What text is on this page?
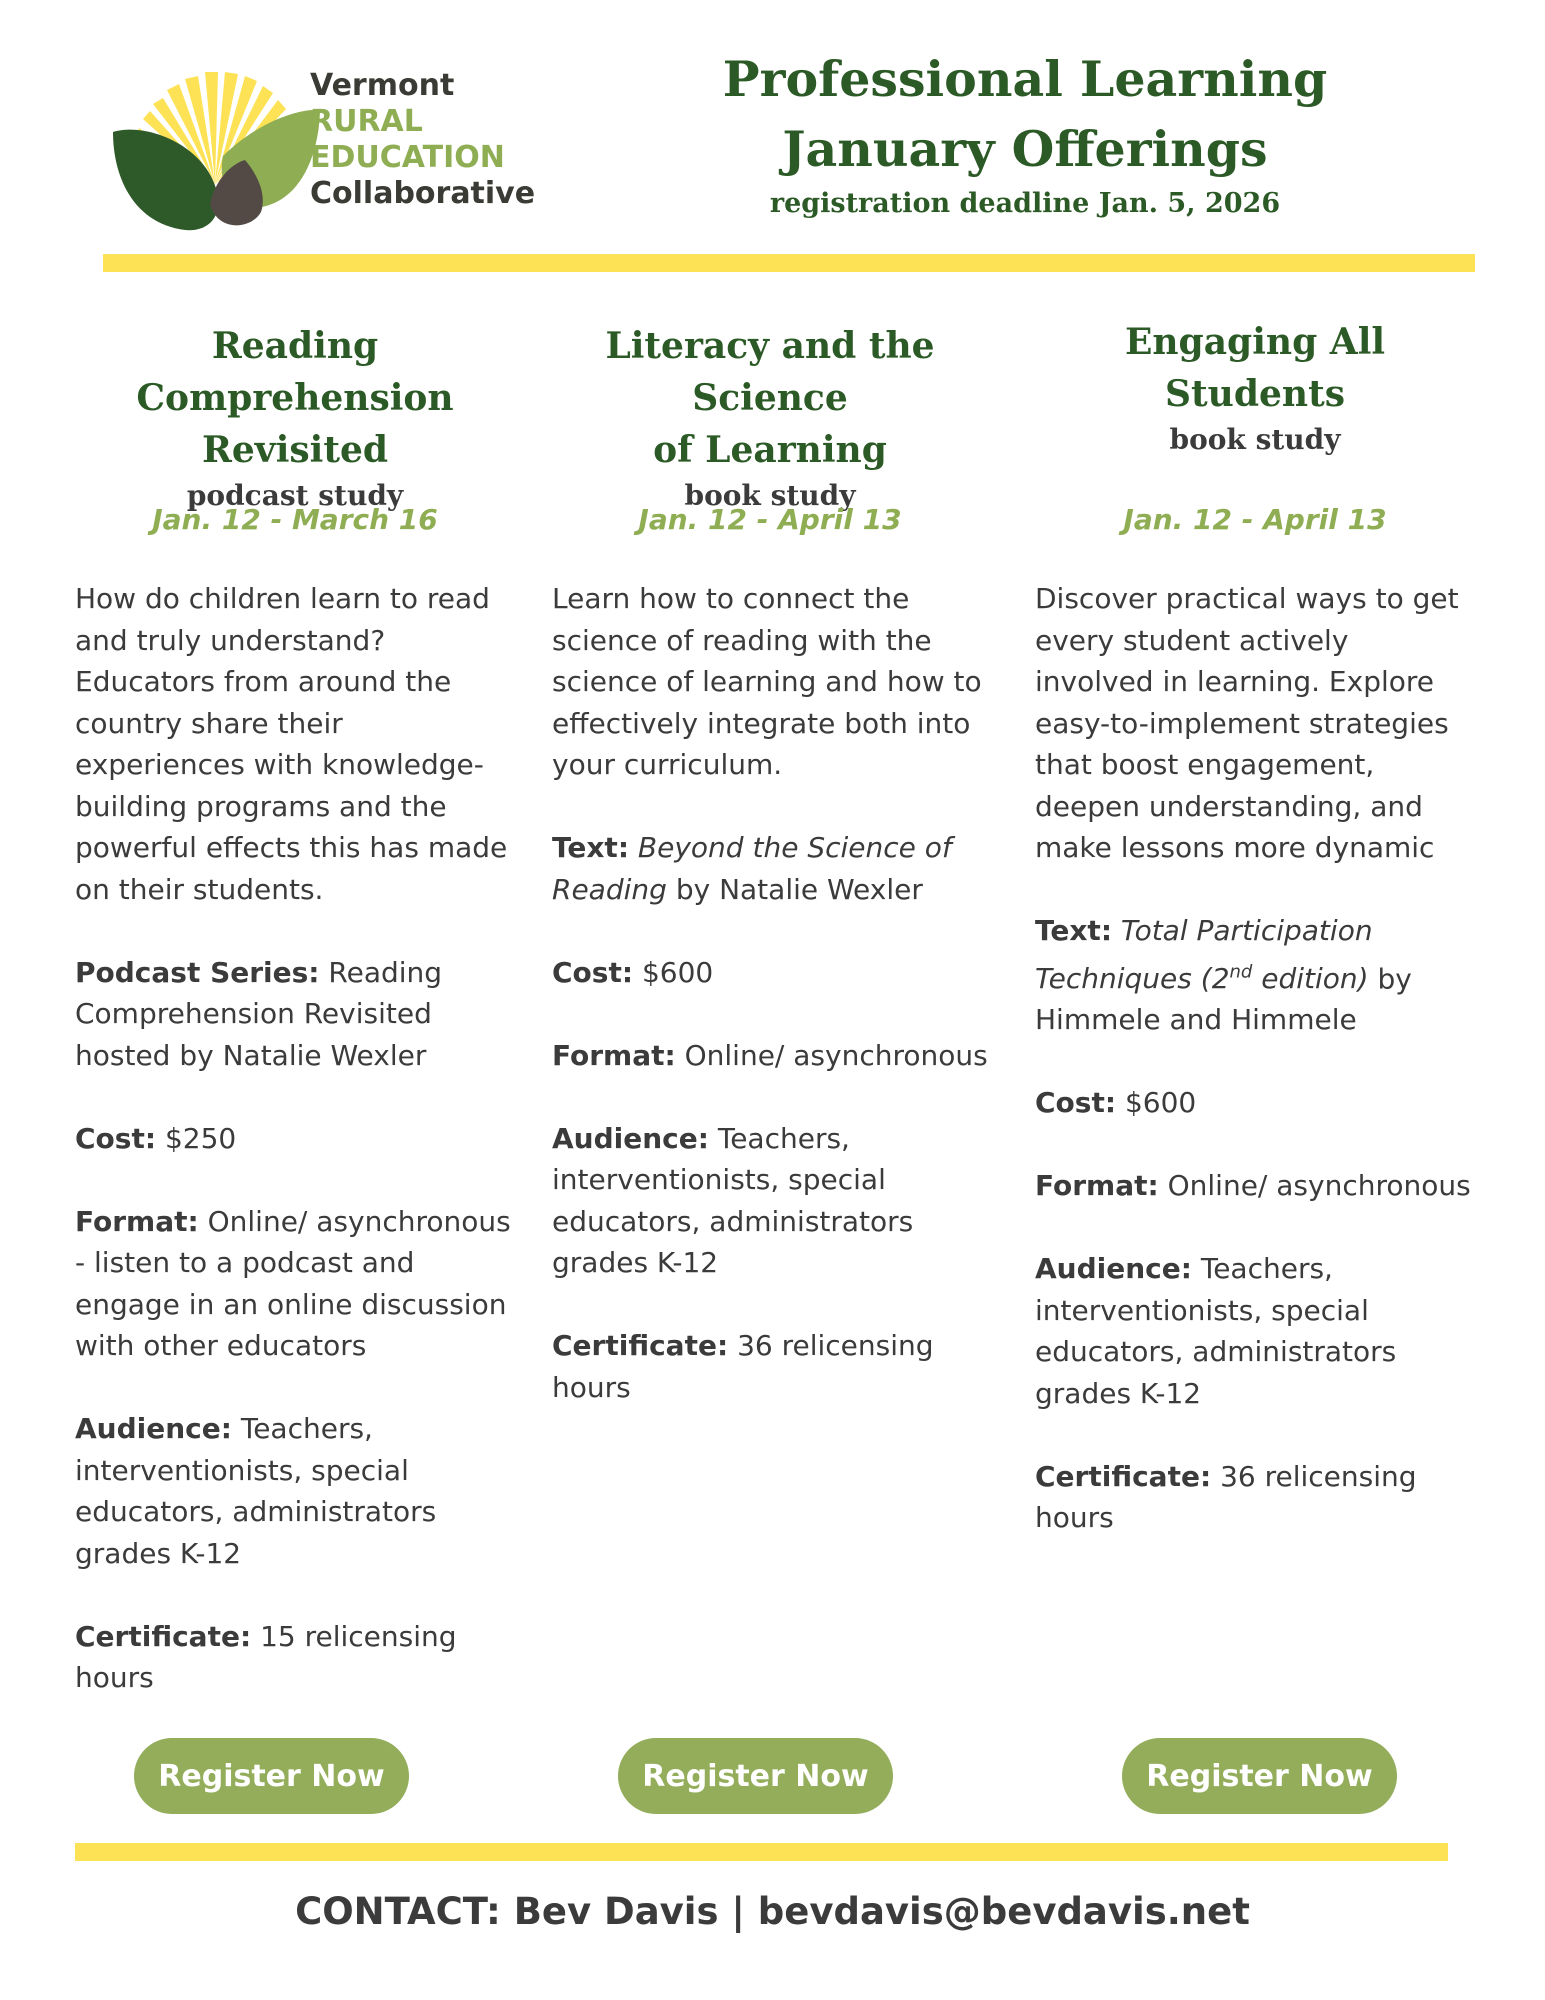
Vermont
RURAL
EDUCATION
Collaborative
Professional Learning
January Offerings
registration deadline Jan. 5, 2026
Reading Comprehension
Revisited
podcast study
Jan. 12 - March 16

How do children learn to read and truly understand? Educators from around the country share their experiences with knowledge-building programs and the powerful effects this has made on their students.

Podcast Series: Reading Comprehension Revisited hosted by Natalie Wexler

Cost: $250

Format: Online/ asynchronous - listen to a podcast and engage in an online discussion with other educators

Audience: Teachers, interventionists, special educators, administrators grades K-12

Certificate: 15 relicensing hours

Literacy and the Science
of Learning
book study
Jan. 12 - April 13

Learn how to connect the science of reading with the science of learning and how to effectively integrate both into your curriculum.

Text: Beyond the Science of Reading by Natalie Wexler

Cost: $600

Format: Online/ asynchronous

Audience: Teachers, interventionists, special educators, administrators grades K-12

Certificate: 36 relicensing hours

Engaging All Students
book study
Jan. 12 - April 13

Discover practical ways to get every student actively involved in learning. Explore easy-to-implement strategies that boost engagement, deepen understanding, and make lessons more dynamic

Text: Total Participation Techniques (2nd edition) by Himmele and Himmele

Cost: $600

Format: Online/ asynchronous

Audience: Teachers, interventionists, special educators, administrators grades K-12

Certificate: 36 relicensing hours

Register Now	Register Now	Register Now
CONTACT: Bev Davis | bevdavis@bevdavis.net
